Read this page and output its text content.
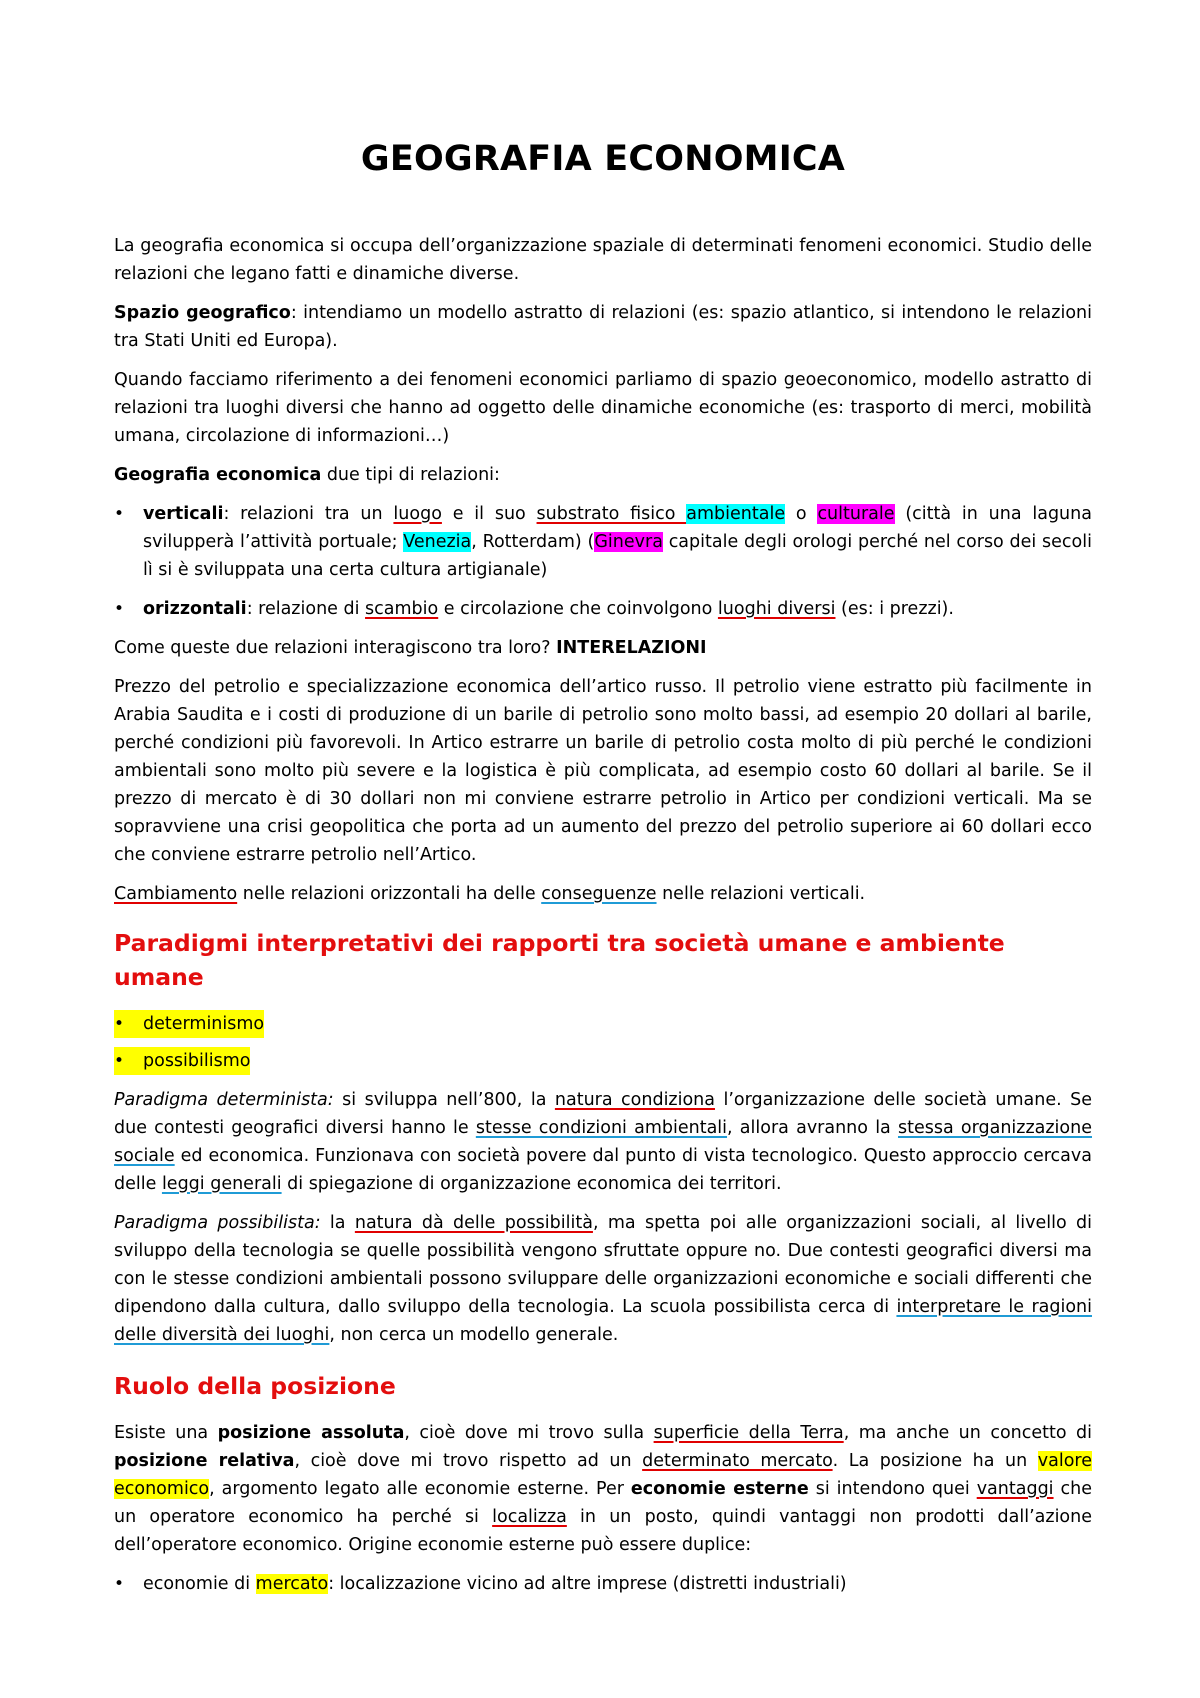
GEOGRAFIA ECONOMICA

La geografia economica si occupa dell’organizzazione spaziale di determinati fenomeni economici. Studio delle relazioni che legano fatti e dinamiche diverse.

Spazio geografico: intendiamo un modello astratto di relazioni (es: spazio atlantico, si intendono le relazioni tra Stati Uniti ed Europa).

Quando facciamo riferimento a dei fenomeni economici parliamo di spazio geoeconomico, modello astratto di relazioni tra luoghi diversi che hanno ad oggetto delle dinamiche economiche (es: trasporto di merci, mobilità umana, circolazione di informazioni…)

Geografia economica due tipi di relazioni:

• verticali: relazioni tra un luogo e il suo substrato fisico ambientale o culturale (città in una laguna svilupperà l’attività portuale; Venezia, Rotterdam) (Ginevra capitale degli orologi perché nel corso dei secoli lì si è sviluppata una certa cultura artigianale)
• orizzontali: relazione di scambio e circolazione che coinvolgono luoghi diversi (es: i prezzi).

Come queste due relazioni interagiscono tra loro? INTERELAZIONI

Prezzo del petrolio e specializzazione economica dell’artico russo. Il petrolio viene estratto più facilmente in Arabia Saudita e i costi di produzione di un barile di petrolio sono molto bassi, ad esempio 20 dollari al barile, perché condizioni più favorevoli. In Artico estrarre un barile di petrolio costa molto di più perché le condizioni ambientali sono molto più severe e la logistica è più complicata, ad esempio costo 60 dollari al barile. Se il prezzo di mercato è di 30 dollari non mi conviene estrarre petrolio in Artico per condizioni verticali. Ma se sopravviene una crisi geopolitica che porta ad un aumento del prezzo del petrolio superiore ai 60 dollari ecco che conviene estrarre petrolio nell’Artico.

Cambiamento nelle relazioni orizzontali ha delle conseguenze nelle relazioni verticali.

Paradigmi interpretativi dei rapporti tra società umane e ambiente umane
• determinismo
• possibilismo

Paradigma determinista: si sviluppa nell’800, la natura condiziona l’organizzazione delle società umane. Se due contesti geografici diversi hanno le stesse condizioni ambientali, allora avranno la stessa organizzazione sociale ed economica. Funzionava con società povere dal punto di vista tecnologico. Questo approccio cercava delle leggi generali di spiegazione di organizzazione economica dei territori.

Paradigma possibilista: la natura dà delle possibilità, ma spetta poi alle organizzazioni sociali, al livello di sviluppo della tecnologia se quelle possibilità vengono sfruttate oppure no. Due contesti geografici diversi ma con le stesse condizioni ambientali possono sviluppare delle organizzazioni economiche e sociali differenti che dipendono dalla cultura, dallo sviluppo della tecnologia. La scuola possibilista cerca di interpretare le ragioni delle diversità dei luoghi, non cerca un modello generale.

Ruolo della posizione

Esiste una posizione assoluta, cioè dove mi trovo sulla superficie della Terra, ma anche un concetto di posizione relativa, cioè dove mi trovo rispetto ad un determinato mercato. La posizione ha un valore economico, argomento legato alle economie esterne. Per economie esterne si intendono quei vantaggi che un operatore economico ha perché si localizza in un posto, quindi vantaggi non prodotti dall’azione dell’operatore economico. Origine economie esterne può essere duplice:

• economie di mercato: localizzazione vicino ad altre imprese (distretti industriali)
